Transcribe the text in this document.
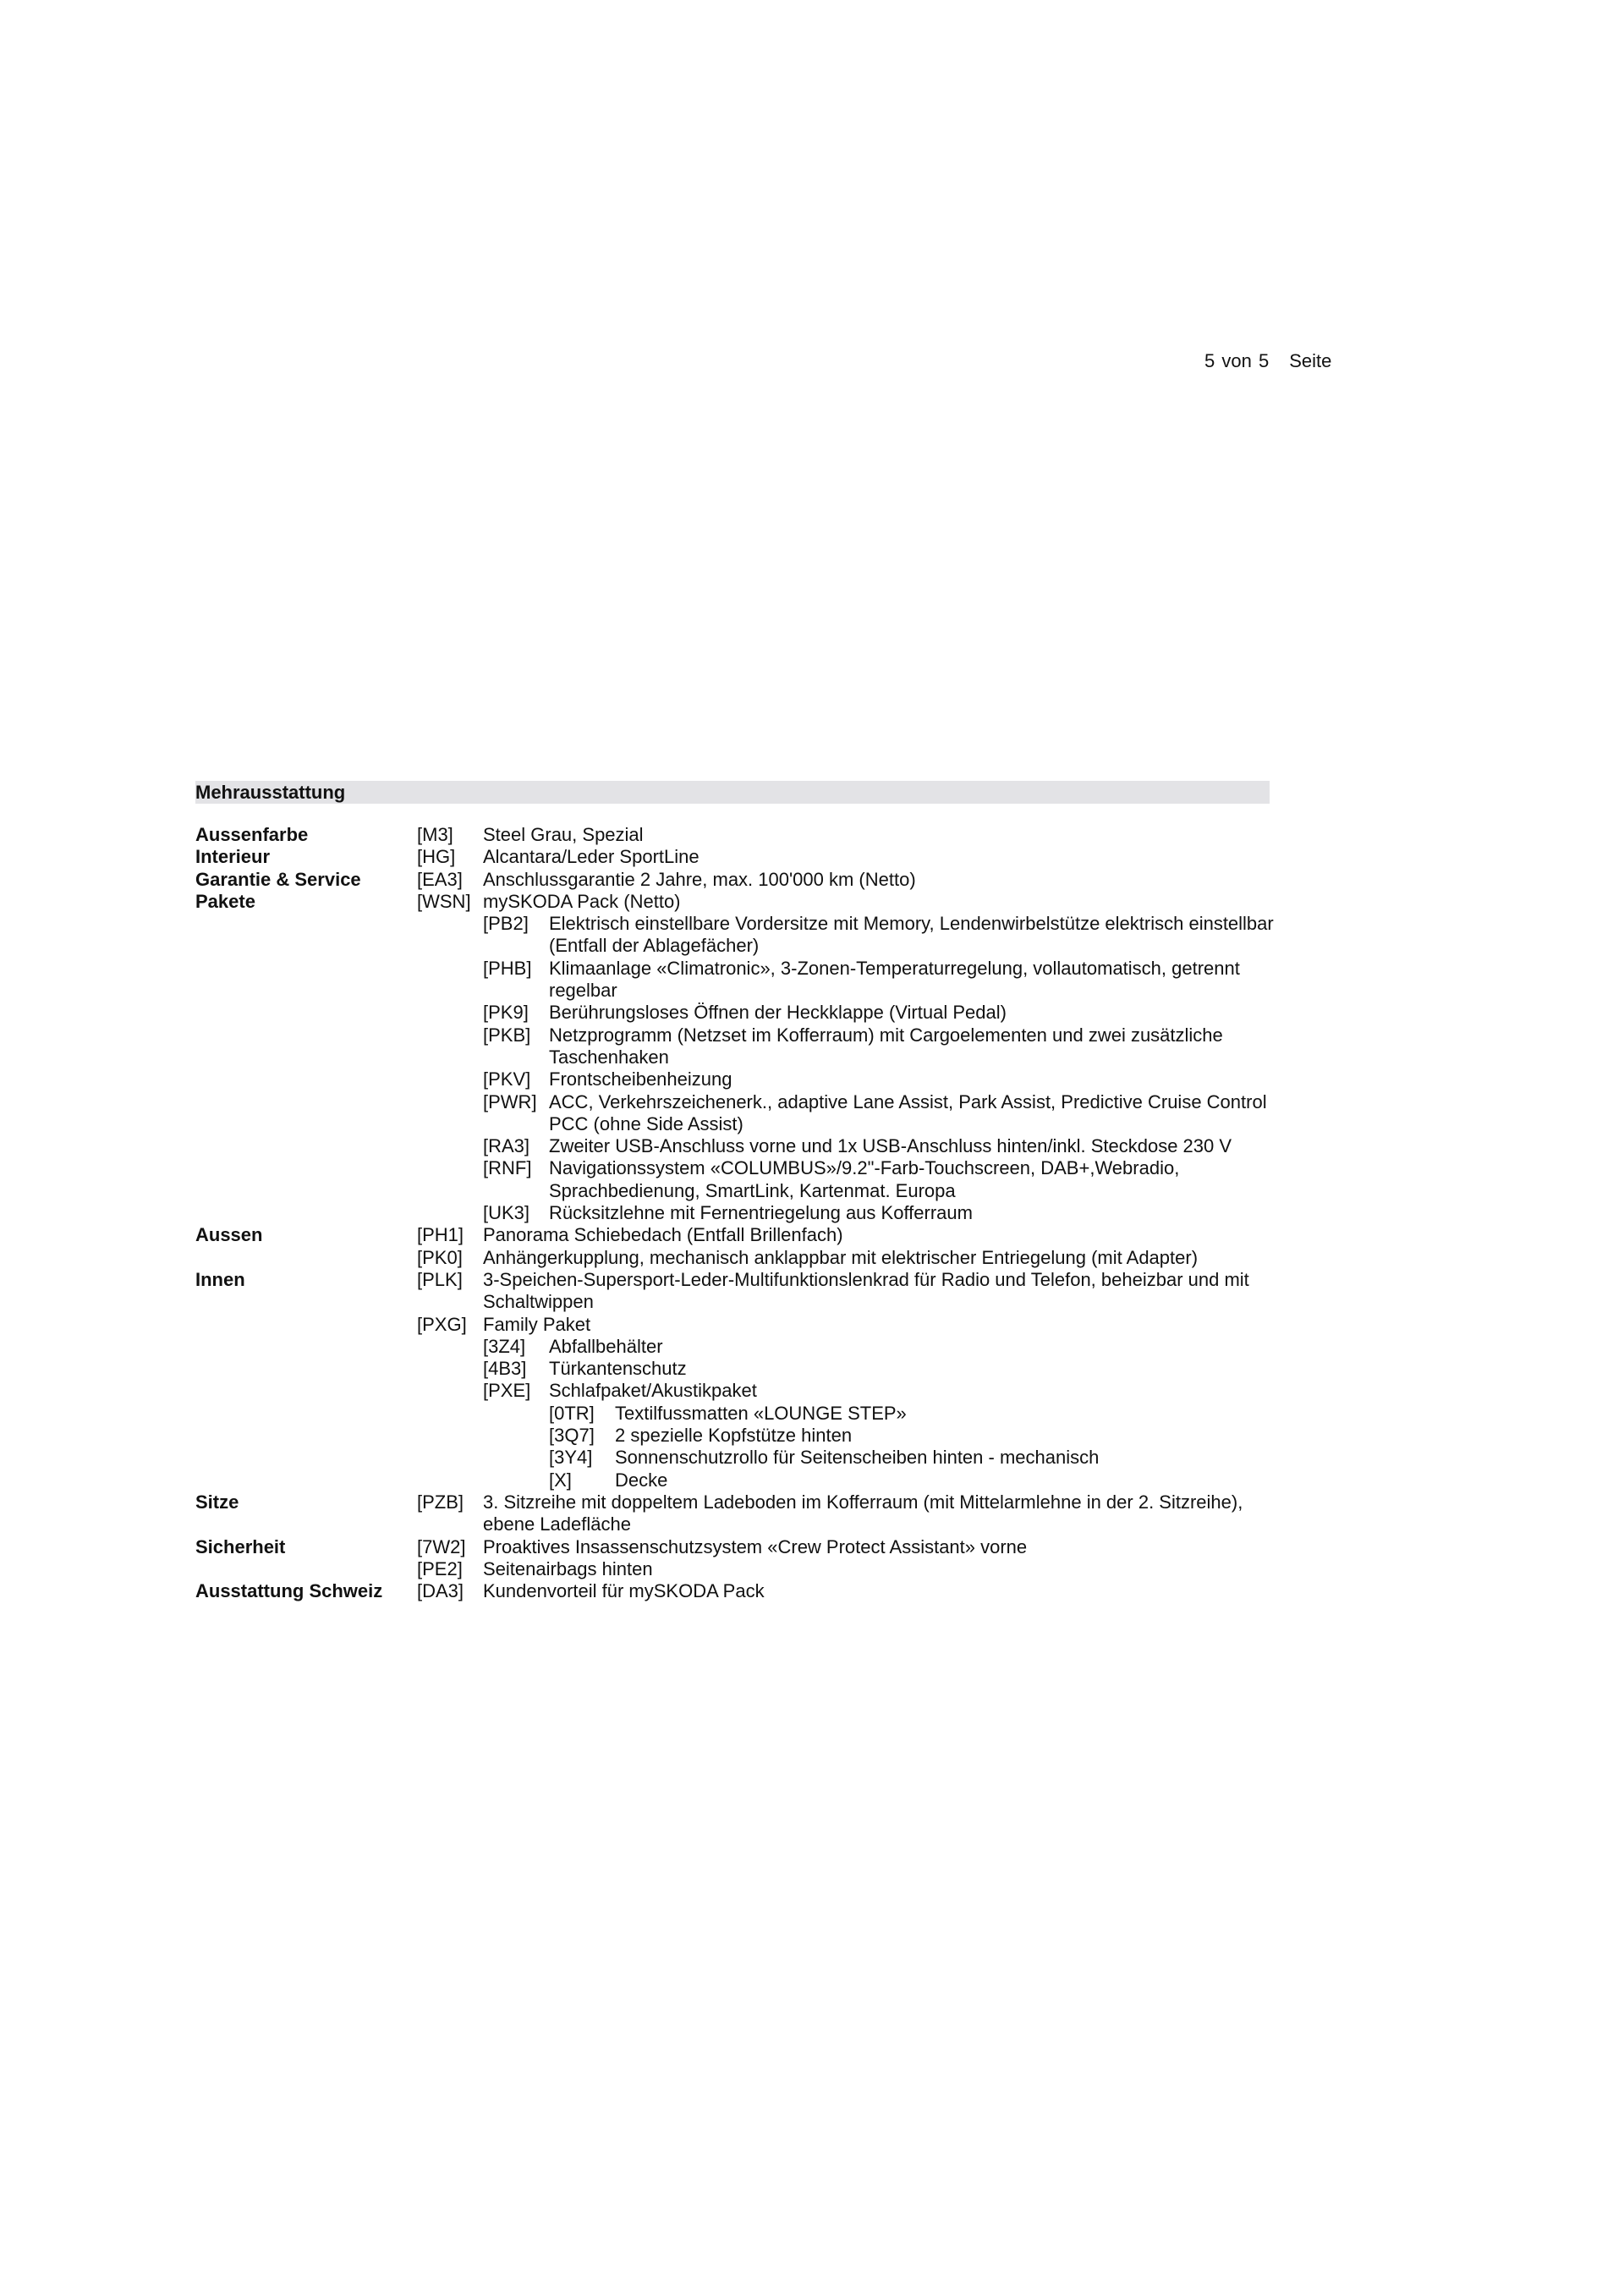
5 von 5 Seite
Mehrausstattung
Aussenfarbe	[M3] Steel Grau, Spezial
Interieur	[HG] Alcantara/Leder SportLine
Garantie & Service	[EA3] Anschlussgarantie 2 Jahre, max. 100'000 km (Netto)
Pakete	[WSN] mySKODA Pack (Netto)
[PB2] Elektrisch einstellbare Vordersitze mit Memory, Lendenwirbelstütze elektrisch einstellbar (Entfall der Ablagefächer)
[PHB] Klimaanlage «Climatronic», 3-Zonen-Temperaturregelung, vollautomatisch, getrennt regelbar
[PK9] Berührungsloses Öffnen der Heckklappe (Virtual Pedal)
[PKB] Netzprogramm (Netzset im Kofferraum) mit Cargoelementen und zwei zusätzliche Taschenhaken
[PKV] Frontscheibenheizung
[PWR] ACC, Verkehrszeichenerk., adaptive Lane Assist, Park Assist, Predictive Cruise Control PCC (ohne Side Assist)
[RA3] Zweiter USB-Anschluss vorne und 1x USB-Anschluss hinten/inkl. Steckdose 230 V
[RNF] Navigationssystem «COLUMBUS»/9.2"-Farb-Touchscreen, DAB+,Webradio, Sprachbedienung, SmartLink, Kartenmat. Europa
[UK3] Rücksitzlehne mit Fernentriegelung aus Kofferraum
Aussen	[PH1] Panorama Schiebedach (Entfall Brillenfach)
[PK0] Anhängerkupplung, mechanisch anklappbar mit elektrischer Entriegelung (mit Adapter)
Innen	[PLK] 3-Speichen-Supersport-Leder-Multifunktionslenkrad für Radio und Telefon, beheizbar und mit Schaltwippen
[PXG] Family Paket
[3Z4] Abfallbehälter
[4B3] Türkantenschutz
[PXE] Schlafpaket/Akustikpaket
[0TR] Textilfussmatten «LOUNGE STEP»
[3Q7] 2 spezielle Kopfstütze hinten
[3Y4] Sonnenschutzrollo für Seitenscheiben hinten - mechanisch
[X] Decke
Sitze	[PZB] 3. Sitzreihe mit doppeltem Ladeboden im Kofferraum (mit Mittelarmlehne in der 2. Sitzreihe), ebene Ladefläche
Sicherheit	[7W2] Proaktives Insassenschutzsystem «Crew Protect Assistant» vorne
[PE2] Seitenairbags hinten
Ausstattung Schweiz	[DA3] Kundenvorteil für mySKODA Pack
